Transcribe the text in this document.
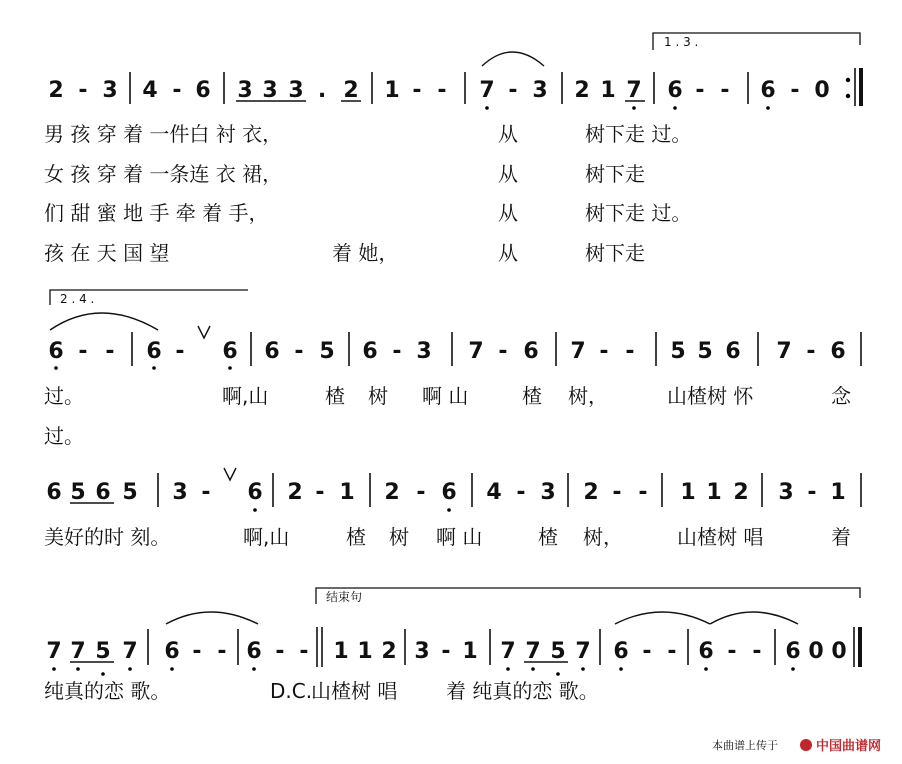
1 . 3 .
2 - 3 4 - 6 3 3 3 . 2 1 - - 7 - 3 2 1 7 6 - - 6 - 0
男 孩 穿 着 一件白 衬 衣，	从	树下走 过。
女 孩 穿 着 一条连 衣 裙，	从	树下走
们 甜 蜜 地 手 牵 着 手，	从	树下走 过。
孩 在 天 国 望	着 她，	从	树下走
2 . 4 .
6 - - 6 - 6 6 - 5 6 - 3 7 - 6 7 - - 5 5 6 7 - 6
过。	啊,山	楂 树 啊 山	楂 树，	山楂树 怀	念
过。
6 5 6 5 3 - 6 2 - 1 2 - 6 4 - 3 2 - - 1 1 2 3 - 1
美好的时 刻。	啊,山	楂 树 啊 山	楂 树，	山楂树 唱	着
结束句
7 7 5 7 6 - - 6 - - 1 1 2 3 - 1 7 7 5 7 6 - - 6 - - 6 0 0
纯真的恋 歌。	D.C.
山楂树 唱 着 纯真的恋 歌。
本曲谱上传于	中国曲谱网
